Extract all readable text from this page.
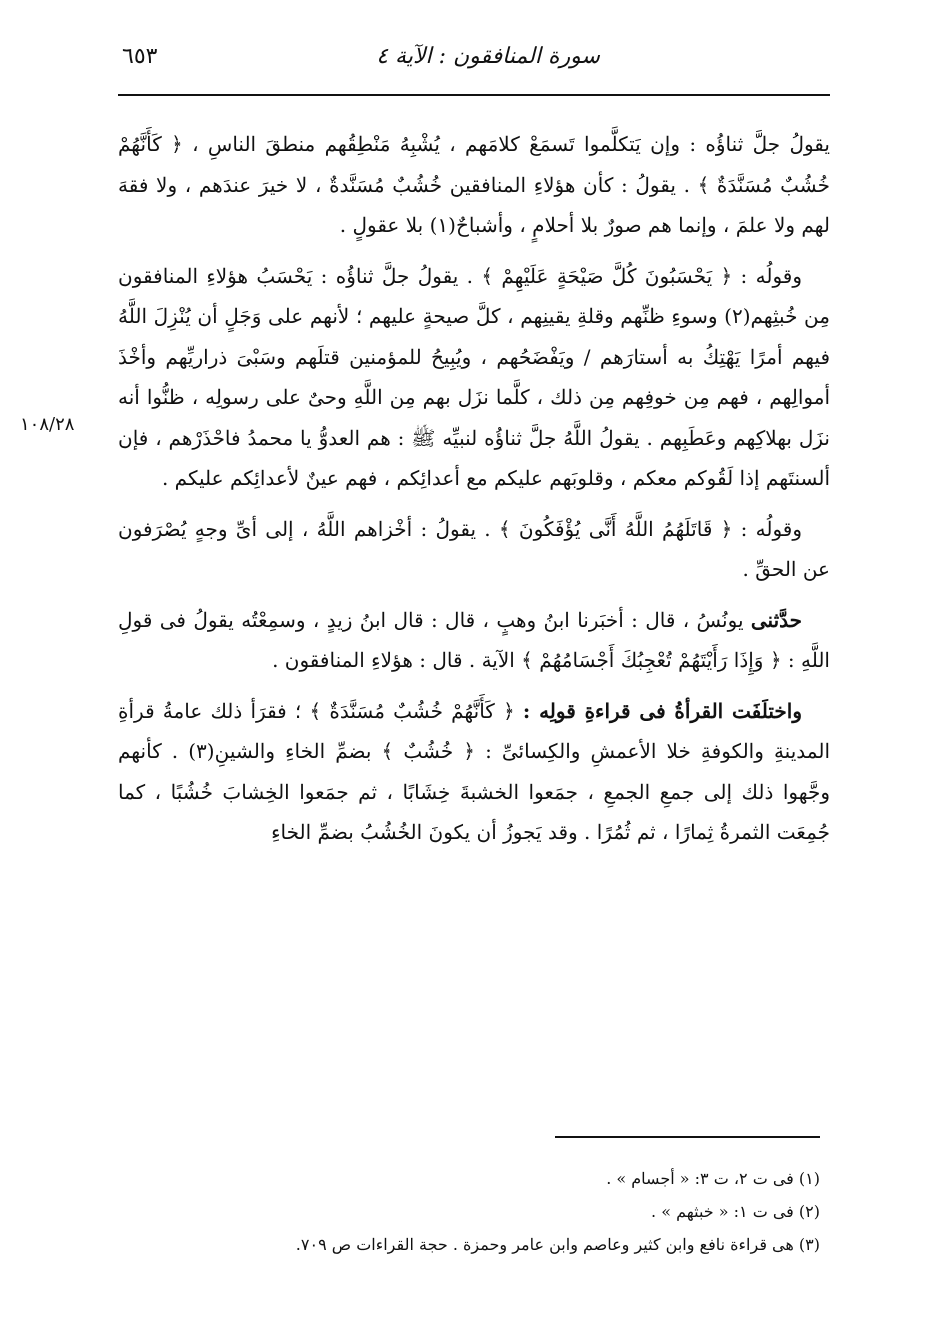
سورة المنافقون : الآية ٤
٦٥٣
١٠٨/٢٨

يقولُ جلَّ ثناؤُه : وإن يَتكلَّموا تَسمَعْ كلامَهم ، يُشْبِهُ مَنْطِقُهم منطقَ الناسِ ، ﴿ كَأَنَّهُمْ خُشُبٌ مُسَنَّدَةٌ ﴾ . يقولُ : كأن هؤلاءِ المنافقين خُشُبٌ مُسَنَّدةٌ ، لا خيرَ عندَهم ، ولا فقهَ لهم ولا علمَ ، وإنما هم صورٌ بلا أحلامٍ ، وأشباحٌ(١) بلا عقولٍ .

وقولُه : ﴿ يَحْسَبُونَ كُلَّ صَيْحَةٍ عَلَيْهِمْ ﴾ . يقولُ جلَّ ثناؤُه : يَحْسَبُ هؤلاءِ المنافقون مِن خُبثِهم(٢) وسوءِ ظنِّهم وقلةِ يقينِهم ، كلَّ صيحةٍ عليهم ؛ لأنهم على وَجَلٍ أن يُنْزِلَ اللَّهُ فيهم أمرًا يَهْتِكُ به أستارَهم / ويَفْضَحُهم ، ويُبِيحُ للمؤمنين قتلَهم وسَبْىَ ذراريِّهم وأخْذَ أموالِهم ، فهم مِن خوفِهم مِن ذلك ، كلَّما نزَل بهم مِن اللَّهِ وحىٌ على رسولِه ، ظنُّوا أنه نزَل بهلاكِهم وعَطَبِهم . يقولُ اللَّهُ جلَّ ثناؤُه لنبيِّه ﷺ : هم العدوُّ يا محمدُ فاحْذَرْهم ، فإن ألسنتَهم إذا لَقُوكم معكم ، وقلوبَهم عليكم مع أعدائِكم ، فهم عينٌ لأعدائِكم عليكم .

وقولُه : ﴿ قَاتَلَهُمُ اللَّهُ أَنَّى يُؤْفَكُونَ ﴾ . يقولُ : أخْزاهم اللَّهُ ، إلى أىِّ وجهٍ يُصْرَفون عن الحقِّ .

حدَّثنى يونُسُ ، قال : أخبَرنا ابنُ وهبٍ ، قال : قال ابنُ زيدٍ ، وسمِعْتُه يقولُ فى قولِ اللَّهِ : ﴿ وَإِذَا رَأَيْتَهُمْ تُعْجِبُكَ أَجْسَامُهُمْ ﴾ الآية . قال : هؤلاءِ المنافقون .

واختلَفَت القرأةُ فى قراءةِ قولِه : ﴿ كَأَنَّهُمْ خُشُبٌ مُسَنَّدَةٌ ﴾ ؛ فقرَأ ذلك عامةُ قرأةِ المدينةِ والكوفةِ خلا الأعمشِ والكِسائىِّ : ﴿ خُشُبٌ ﴾ بضمِّ الخاءِ والشينِ(٣) . كأنهم وجَّهوا ذلك إلى جمعِ الجمعِ ، جمَعوا الخشبةَ خِشَابًا ، ثم جمَعوا الخِشابَ خُشُبًا ، كما جُمِعَت الثمرةُ ثِمارًا ، ثم ثُمُرًا . وقد يَجوزُ أن يكونَ الخُشُبُ بضمِّ الخاءِ

(١) فى ت ٢، ت ٣: « أجسام » .

(٢) فى ت ١: « خبثهم » .

(٣) هى قراءة نافع وابن كثير وعاصم وابن عامر وحمزة . حجة القراءات ص ٧٠٩.
